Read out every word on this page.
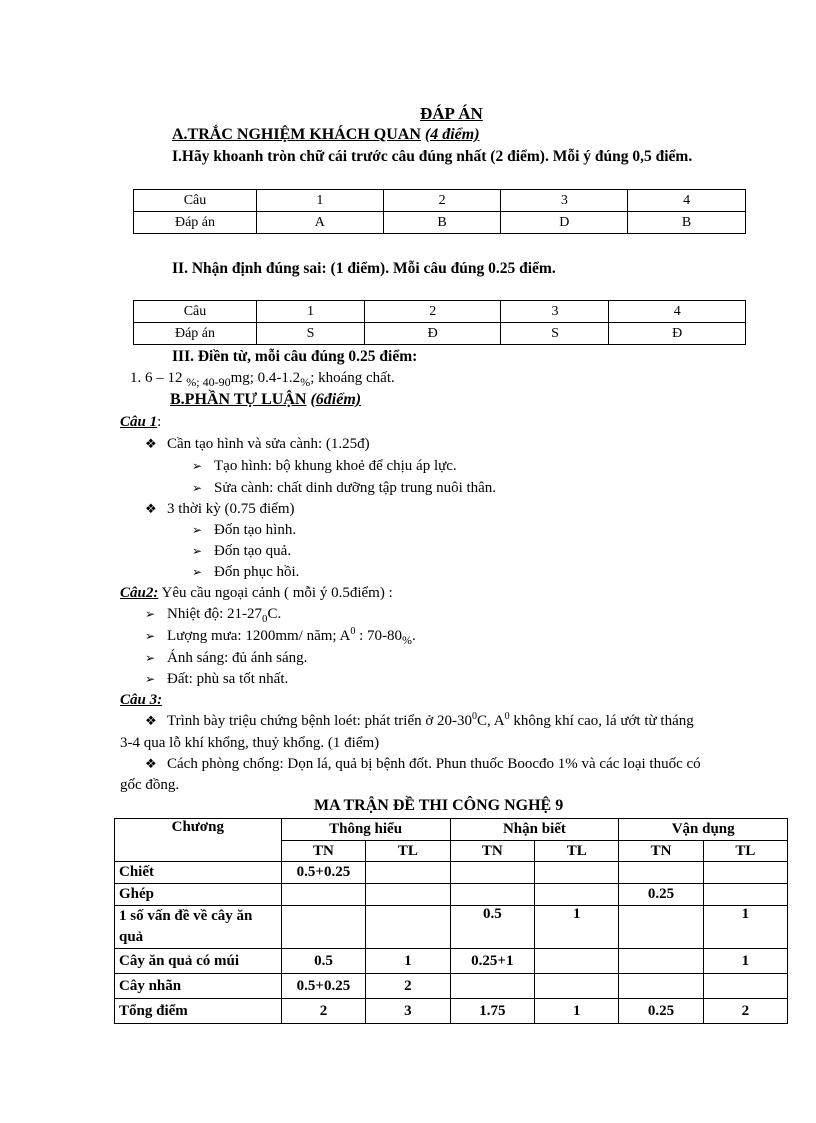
ĐÁP ÁN
A.TRẮC NGHIỆM KHÁCH QUAN (4 điểm)
I.Hãy khoanh tròn chữ cái trước câu đúng nhất (2 điểm). Mỗi ý đúng 0,5 điểm.
Câu	1	2	3	4
Đáp án	A	B	D	B
II. Nhận định đúng sai: (1 điểm). Mỗi câu đúng 0.25 điểm.
Câu	1	2	3	4
Đáp án	S	Đ	S	Đ
III. Điền từ, mỗi câu đúng 0.25 điểm:
1. 6 – 12 $_{\%; 40-90}$mg; $0.4-1.2_{\%}$; khoáng chất.
B.PHẦN TỰ LUẬN (6điểm)
Câu 1:
❖ Cần tạo hình và sửa cành: (1.25đ)
➢ Tạo hình: bộ khung khoẻ để chịu áp lực.
➢ Sửa cành: chất dinh dưỡng tập trung nuôi thân.
❖ 3 thời kỳ (0.75 điểm)
➢ Đốn tạo hình.
➢ Đốn tạo quả.
➢ Đốn phục hồi.
Câu2: Yêu cầu ngoại cảnh ( mỗi ý 0.5điểm) :
➢ Nhiệt độ: $21-27_0C$.
➢ Lượng mưa: 1200mm/ năm; $A^0$ : $70-80_{\%}$.
➢ Ánh sáng: đủ ánh sáng.
➢ Đất: phù sa tốt nhất.
Câu 3:
❖ Trình bày triệu chứng bệnh loét: phát triển ở $20-30^0C$, $A^0$ không khí cao, lá ướt từ tháng
3-4 qua lỗ khí khổng, thuỷ khổng. (1 điểm)
❖ Cách phòng chống: Dọn lá, quả bị bệnh đốt. Phun thuốc Boocđo 1% và các loại thuốc có
gốc đồng.
MA TRẬN ĐỀ THI CÔNG NGHỆ 9
Chương	Thông hiểu		Nhận biết		Vận dụng	
	TN	TL	TN	TL	TN	TL
Chiết	0.5+0.25					
Ghép					0.25	
1 số vấn đề về cây ăn quả			0.5	1		1
Cây ăn quả có múi	0.5	1	0.25+1			1
Cây nhãn	0.5+0.25	2				
Tổng điểm	2	3	1.75	1	0.25	2
